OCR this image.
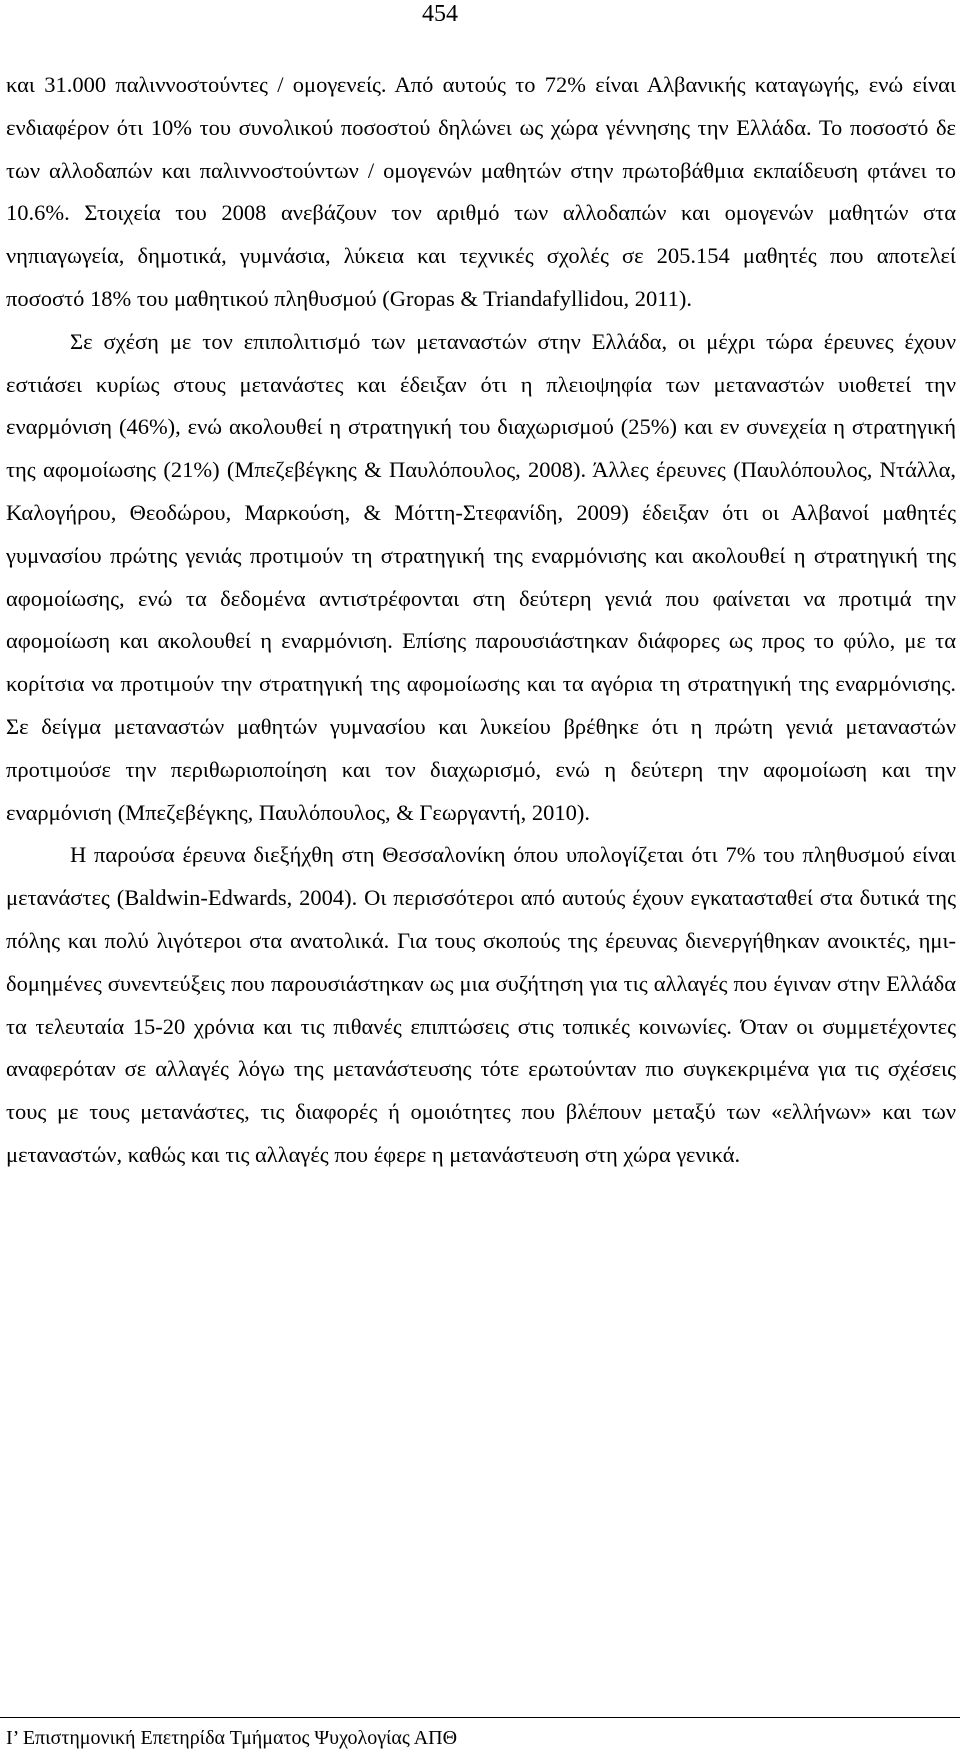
454

και 31.000 παλιννοστούντες / ομογενείς. Από αυτούς το 72% είναι Αλβανικής καταγωγής, ενώ είναι ενδιαφέρον ότι 10% του συνολικού ποσοστού δηλώνει ως χώρα γέννησης την Ελλάδα. Το ποσοστό δε των αλλοδαπών και παλιννοστούντων / ομογενών μαθητών στην πρωτοβάθμια εκπαίδευση φτάνει το 10.6%. Στοιχεία του 2008 ανεβάζουν τον αριθμό των αλλοδαπών και ομογενών μαθητών στα νηπιαγωγεία, δημοτικά, γυμνάσια, λύκεια και τεχνικές σχολές σε 205.154 μαθητές που αποτελεί ποσοστό 18% του μαθητικού πληθυσμού (Gropas & Triandafyllidou, 2011).

Σε σχέση με τον επιπολιτισμό των μεταναστών στην Ελλάδα, οι μέχρι τώρα έρευνες έχουν εστιάσει κυρίως στους μετανάστες και έδειξαν ότι η πλειοψηφία των μεταναστών υιοθετεί την εναρμόνιση (46%), ενώ ακολουθεί η στρατηγική του διαχωρισμού (25%) και εν συνεχεία η στρατηγική της αφομοίωσης (21%) (Μπεζεβέγκης & Παυλόπουλος, 2008). Άλλες έρευνες (Παυλόπουλος, Ντάλλα, Καλογήρου, Θεοδώρου, Μαρκούση, & Μόττη-Στεφανίδη, 2009) έδειξαν ότι οι Αλβανοί μαθητές γυμνασίου πρώτης γενιάς προτιμούν τη στρατηγική της εναρμόνισης και ακολουθεί η στρατηγική της αφομοίωσης, ενώ τα δεδομένα αντιστρέφονται στη δεύτερη γενιά που φαίνεται να προτιμά την αφομοίωση και ακολουθεί η εναρμόνιση. Επίσης παρουσιάστηκαν διάφορες ως προς το φύλο, με τα κορίτσια να προτιμούν την στρατηγική της αφομοίωσης και τα αγόρια τη στρατηγική της εναρμόνισης. Σε δείγμα μεταναστών μαθητών γυμνασίου και λυκείου βρέθηκε ότι η πρώτη γενιά μεταναστών προτιμούσε την περιθωριοποίηση και τον διαχωρισμό, ενώ η δεύτερη την αφομοίωση και την εναρμόνιση (Μπεζεβέγκης, Παυλόπουλος, & Γεωργαντή, 2010).

Η παρούσα έρευνα διεξήχθη στη Θεσσαλονίκη όπου υπολογίζεται ότι 7% του πληθυσμού είναι μετανάστες (Baldwin-Edwards, 2004). Οι περισσότεροι από αυτούς έχουν εγκατασταθεί στα δυτικά της πόλης και πολύ λιγότεροι στα ανατολικά. Για τους σκοπούς της έρευνας διενεργήθηκαν ανοικτές, ημι-δομημένες συνεντεύξεις που παρουσιάστηκαν ως μια συζήτηση για τις αλλαγές που έγιναν στην Ελλάδα τα τελευταία 15-20 χρόνια και τις πιθανές επιπτώσεις στις τοπικές κοινωνίες. Όταν οι συμμετέχοντες αναφερόταν σε αλλαγές λόγω της μετανάστευσης τότε ερωτούνταν πιο συγκεκριμένα για τις σχέσεις τους με τους μετανάστες, τις διαφορές ή ομοιότητες που βλέπουν μεταξύ των «ελλήνων» και των μεταναστών, καθώς και τις αλλαγές που έφερε η μετανάστευση στη χώρα γενικά.

Ι’ Επιστημονική Επετηρίδα Τμήματος Ψυχολογίας ΑΠΘ
